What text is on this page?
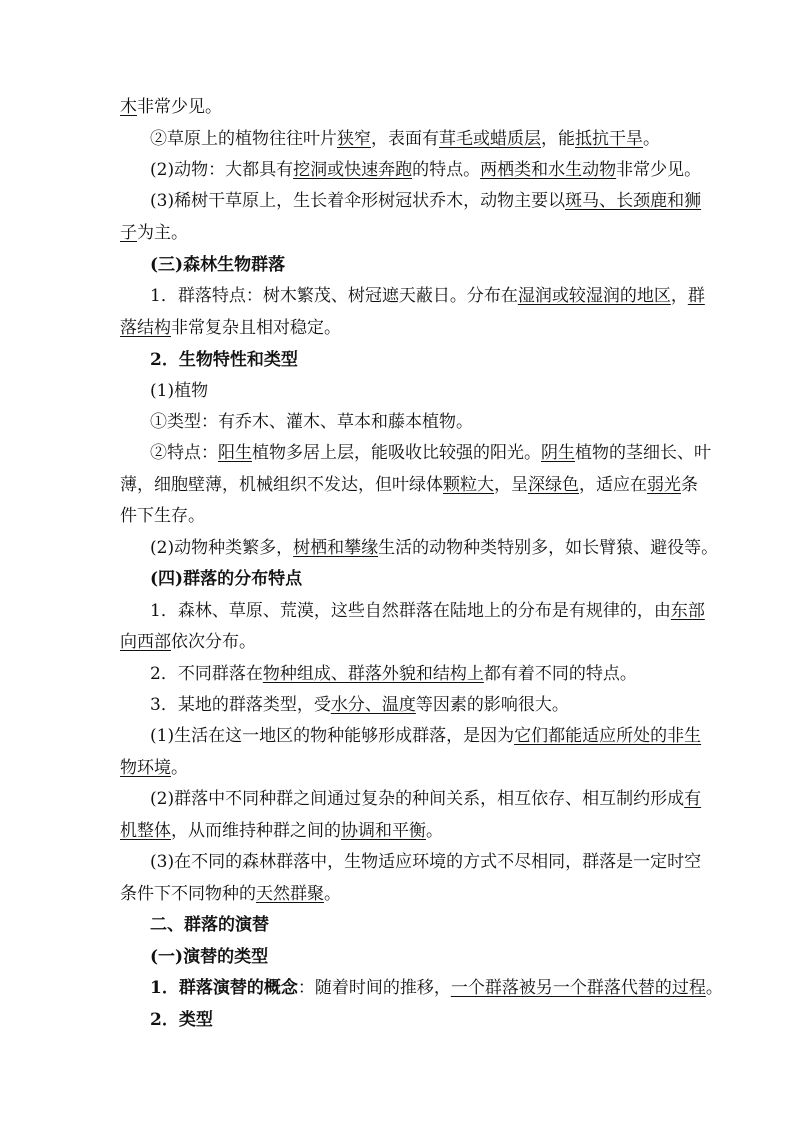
木非常少见。
②草原上的植物往往叶片狭窄，表面有茸毛或蜡质层，能抵抗干旱。
(2)动物：大都具有挖洞或快速奔跑的特点。两栖类和水生动物非常少见。
(3)稀树干草原上，生长着伞形树冠状乔木，动物主要以斑马、长颈鹿和狮
子为主。
(三)森林生物群落
1．群落特点：树木繁茂、树冠遮天蔽日。分布在湿润或较湿润的地区，群
落结构非常复杂且相对稳定。
2．生物特性和类型
(1)植物
①类型：有乔木、灌木、草本和藤本植物。
②特点：阳生植物多居上层，能吸收比较强的阳光。阴生植物的茎细长、叶
薄，细胞壁薄，机械组织不发达，但叶绿体颗粒大，呈深绿色，适应在弱光条
件下生存。
(2)动物种类繁多，树栖和攀缘生活的动物种类特别多，如长臂猿、避役等。
(四)群落的分布特点
1．森林、草原、荒漠，这些自然群落在陆地上的分布是有规律的，由东部
向西部依次分布。
2．不同群落在物种组成、群落外貌和结构上都有着不同的特点。
3．某地的群落类型，受水分、温度等因素的影响很大。
(1)生活在这一地区的物种能够形成群落，是因为它们都能适应所处的非生
物环境。
(2)群落中不同种群之间通过复杂的种间关系，相互依存、相互制约形成有
机整体，从而维持种群之间的协调和平衡。
(3)在不同的森林群落中，生物适应环境的方式不尽相同，群落是一定时空
条件下不同物种的天然群聚。
二、群落的演替
(一)演替的类型
1．群落演替的概念：随着时间的推移，一个群落被另一个群落代替的过程。
2．类型
